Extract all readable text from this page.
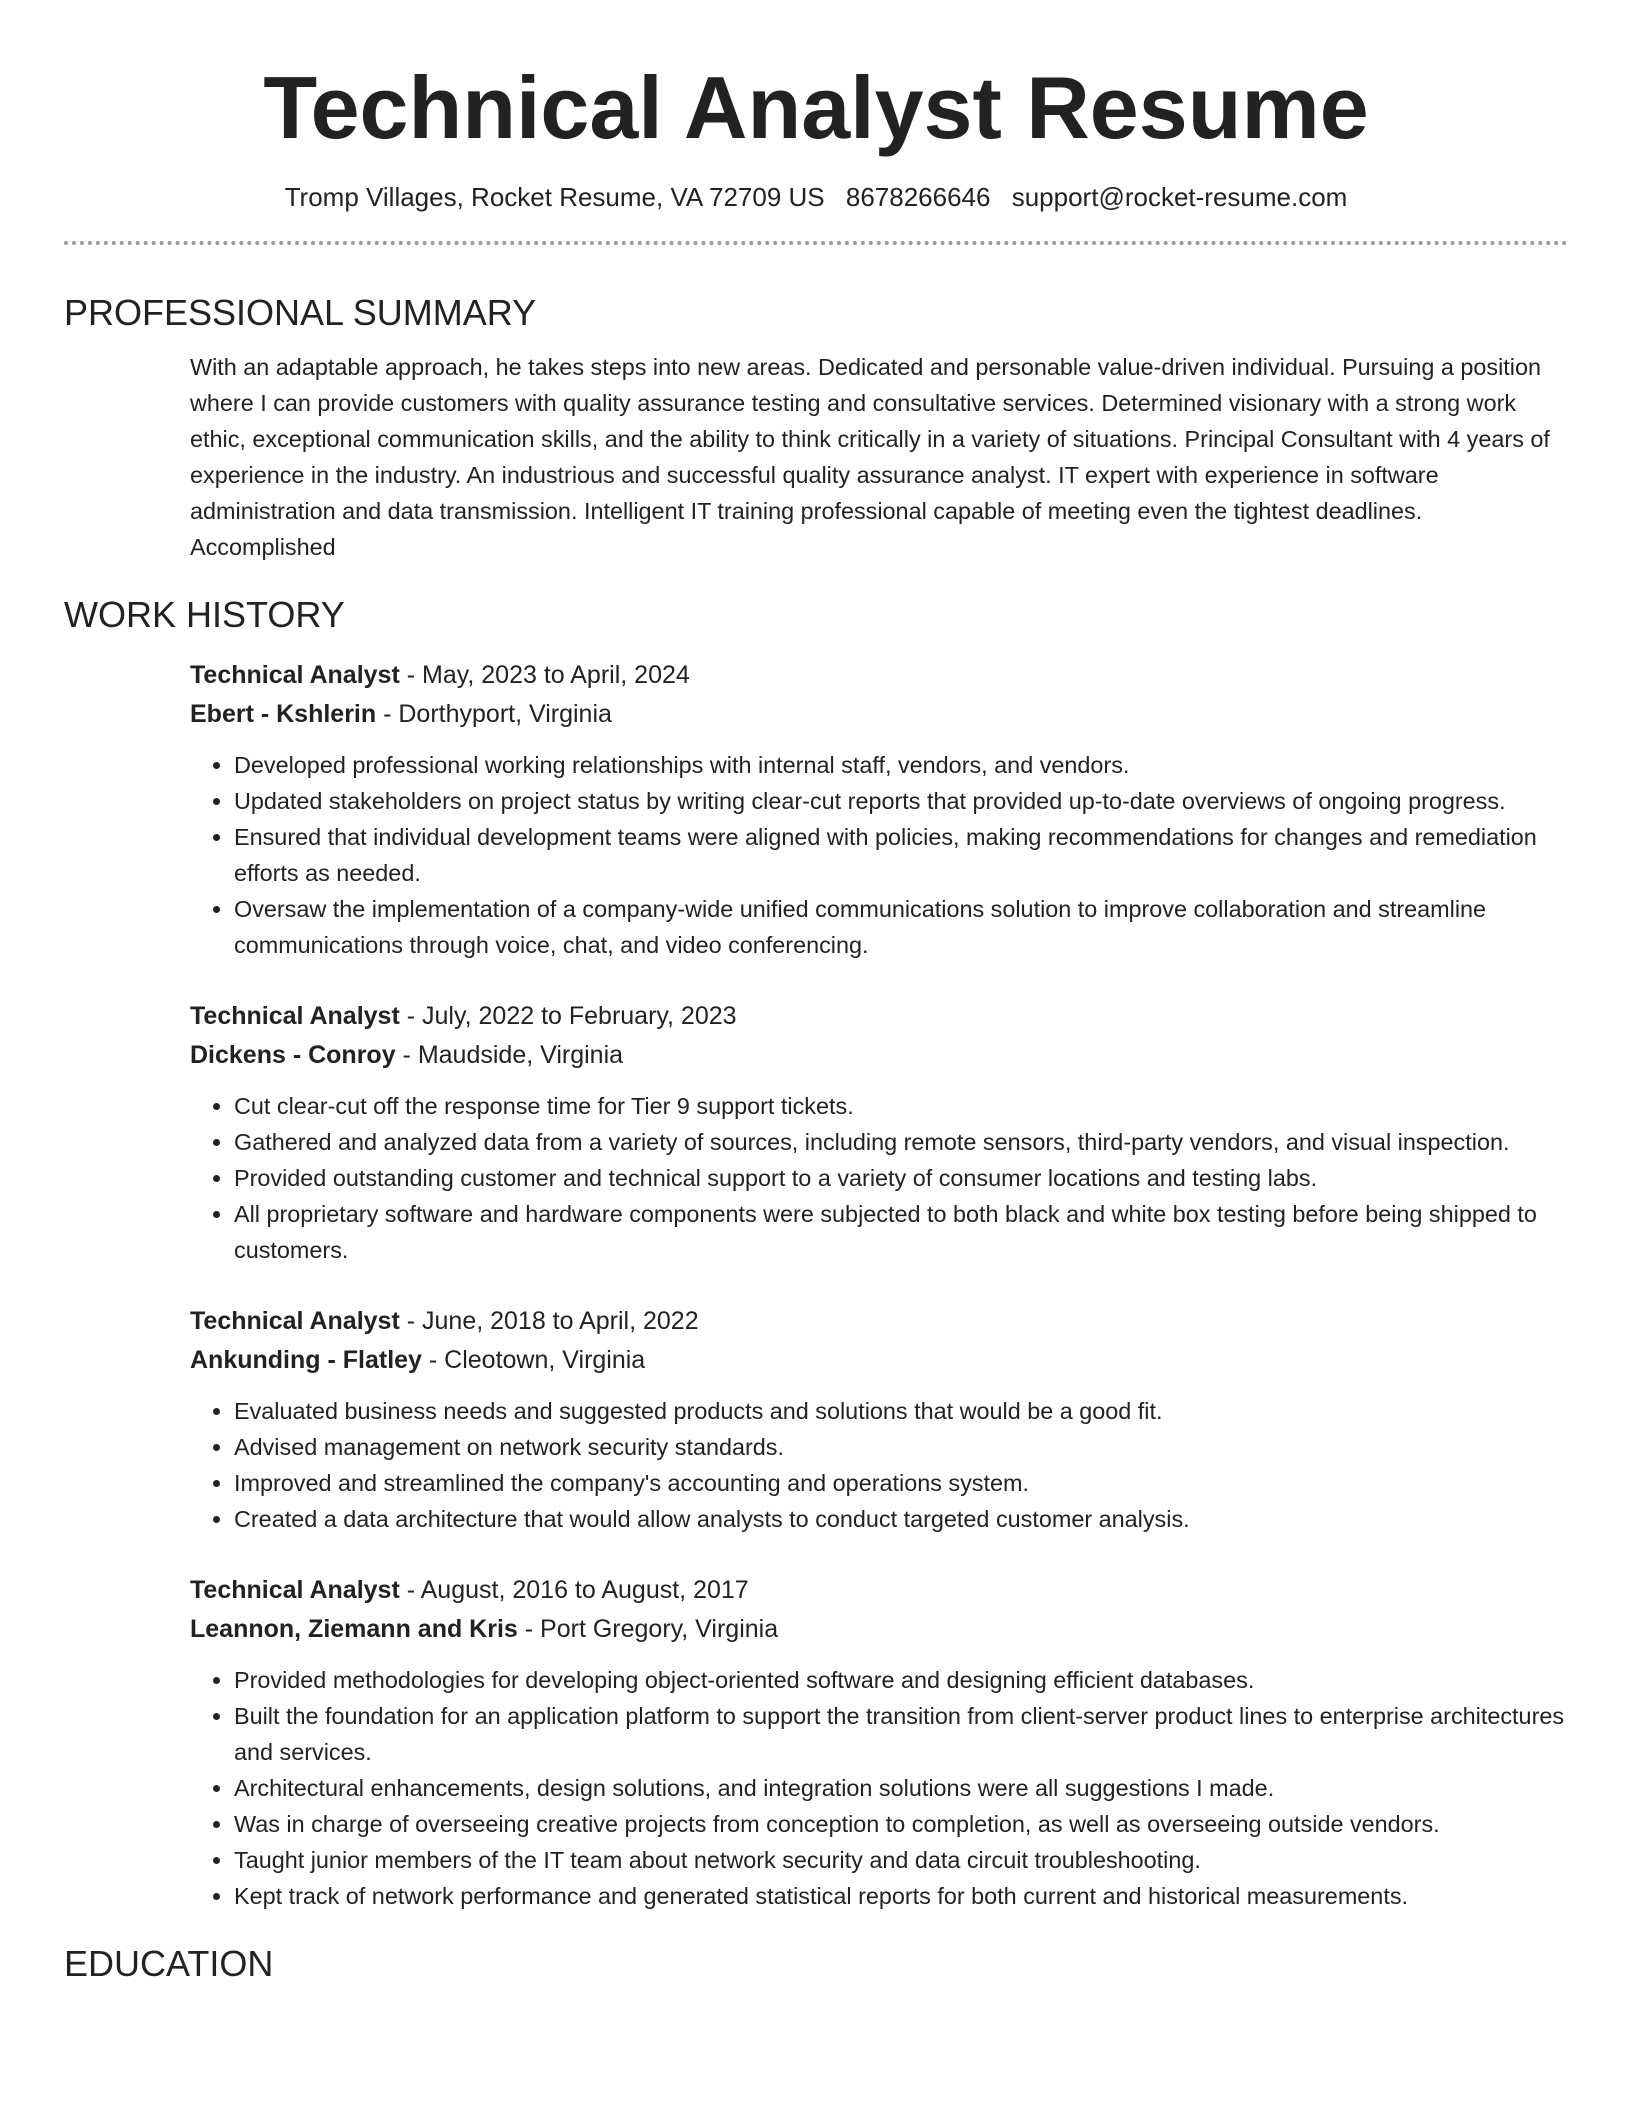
Technical Analyst Resume
Tromp Villages, Rocket Resume, VA 72709 US 8678266646 support@rocket-resume.com
PROFESSIONAL SUMMARY

With an adaptable approach, he takes steps into new areas. Dedicated and personable value-driven individual. Pursuing a position where I can provide customers with quality assurance testing and consultative services. Determined visionary with a strong work ethic, exceptional communication skills, and the ability to think critically in a variety of situations. Principal Consultant with 4 years of experience in the industry. An industrious and successful quality assurance analyst. IT expert with experience in software administration and data transmission. Intelligent IT training professional capable of meeting even the tightest deadlines. Accomplished

WORK HISTORY
Technical Analyst - May, 2023 to April, 2024
Ebert - Kshlerin - Dorthyport, Virginia
• Developed professional working relationships with internal staff, vendors, and vendors.
• Updated stakeholders on project status by writing clear-cut reports that provided up-to-date overviews of ongoing progress.
• Ensured that individual development teams were aligned with policies, making recommendations for changes and remediation efforts as needed.
• Oversaw the implementation of a company-wide unified communications solution to improve collaboration and streamline communications through voice, chat, and video conferencing.
Technical Analyst - July, 2022 to February, 2023
Dickens - Conroy - Maudside, Virginia
• Cut clear-cut off the response time for Tier 9 support tickets.
• Gathered and analyzed data from a variety of sources, including remote sensors, third-party vendors, and visual inspection.
• Provided outstanding customer and technical support to a variety of consumer locations and testing labs.
• All proprietary software and hardware components were subjected to both black and white box testing before being shipped to customers.
Technical Analyst - June, 2018 to April, 2022
Ankunding - Flatley - Cleotown, Virginia
• Evaluated business needs and suggested products and solutions that would be a good fit.
• Advised management on network security standards.
• Improved and streamlined the company's accounting and operations system.
• Created a data architecture that would allow analysts to conduct targeted customer analysis.
Technical Analyst - August, 2016 to August, 2017
Leannon, Ziemann and Kris - Port Gregory, Virginia
• Provided methodologies for developing object-oriented software and designing efficient databases.
• Built the foundation for an application platform to support the transition from client-server product lines to enterprise architectures and services.
• Architectural enhancements, design solutions, and integration solutions were all suggestions I made.
• Was in charge of overseeing creative projects from conception to completion, as well as overseeing outside vendors.
• Taught junior members of the IT team about network security and data circuit troubleshooting.
• Kept track of network performance and generated statistical reports for both current and historical measurements.
EDUCATION
